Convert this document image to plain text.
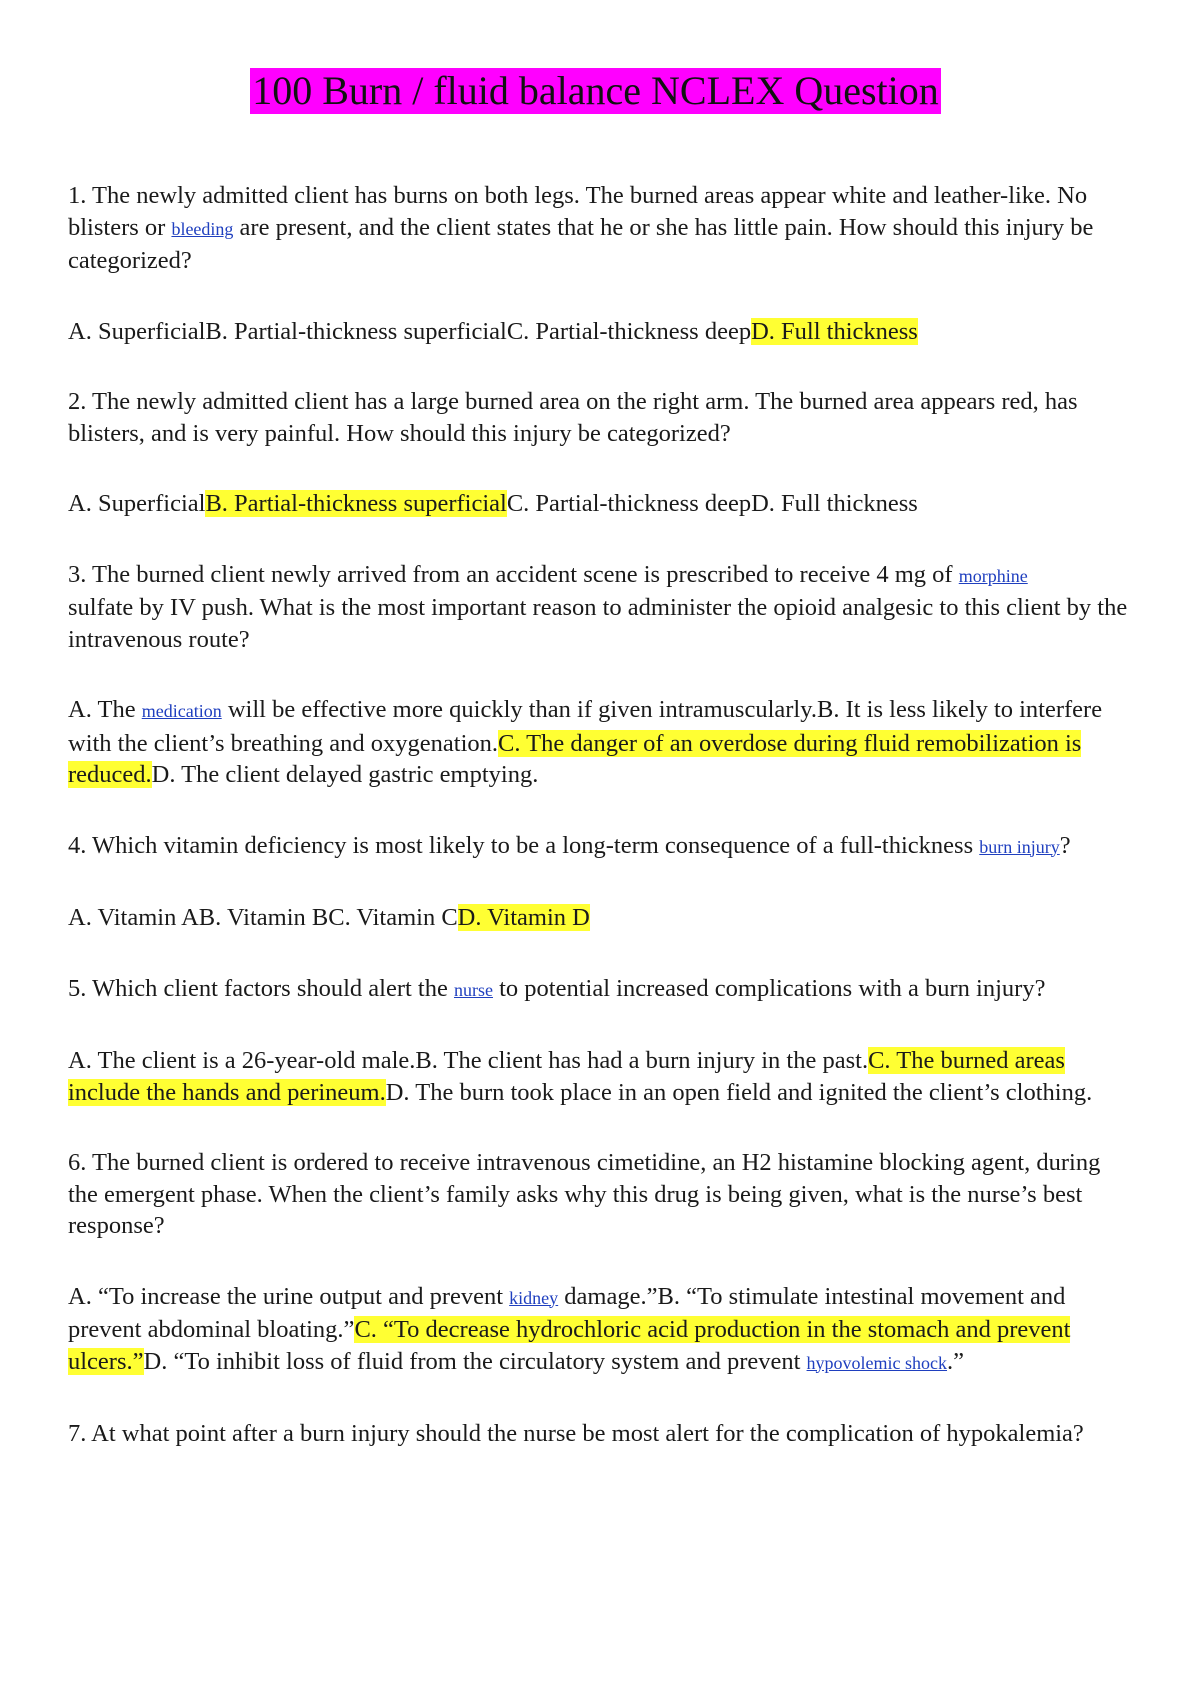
100 Burn / fluid balance NCLEX Question

1. The newly admitted client has burns on both legs. The burned areas appear white and leather-like. No blisters or bleeding are present, and the client states that he or she has little pain. How should this injury be categorized?

A. SuperficialB. Partial-thickness superficialC. Partial-thickness deepD. Full thickness

2. The newly admitted client has a large burned area on the right arm. The burned area appears red, has blisters, and is very painful. How should this injury be categorized?

A. SuperficialB. Partial-thickness superficialC. Partial-thickness deepD. Full thickness

3. The burned client newly arrived from an accident scene is prescribed to receive 4 mg of morphine
sulfate by IV push. What is the most important reason to administer the opioid analgesic to this client by the intravenous route?

A. The medication will be effective more quickly than if given intramuscularly.B. It is less likely to interfere with the client’s breathing and oxygenation.C. The danger of an overdose during fluid remobilization is reduced.D. The client delayed gastric emptying.

4. Which vitamin deficiency is most likely to be a long-term consequence of a full-thickness burn injury?

A. Vitamin AB. Vitamin BC. Vitamin CD. Vitamin D

5. Which client factors should alert the nurse to potential increased complications with a burn injury?

A. The client is a 26-year-old male.B. The client has had a burn injury in the past.C. The burned areas include the hands and perineum.D. The burn took place in an open field and ignited the client’s clothing.

6. The burned client is ordered to receive intravenous cimetidine, an H2 histamine blocking agent, during the emergent phase. When the client’s family asks why this drug is being given, what is the nurse’s best response?

A. “To increase the urine output and prevent kidney damage.”B. “To stimulate intestinal movement and prevent abdominal bloating.”C. “To decrease hydrochloric acid production in the stomach and prevent ulcers.”D. “To inhibit loss of fluid from the circulatory system and prevent hypovolemic shock.”

7. At what point after a burn injury should the nurse be most alert for the complication of hypokalemia?
